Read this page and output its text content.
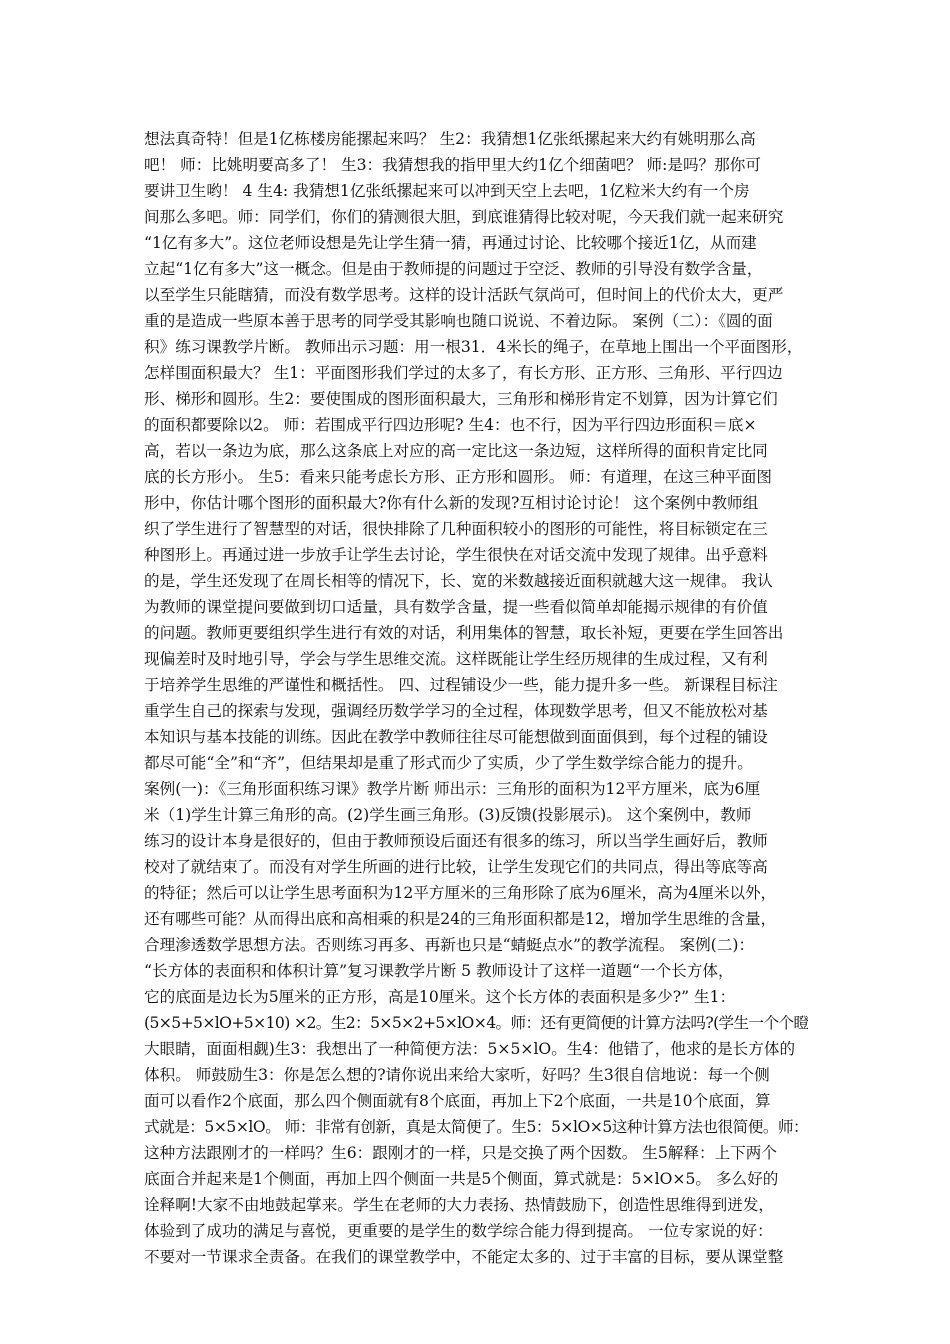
想法真奇特！但是1亿栋楼房能摞起来吗？ 生2：我猜想1亿张纸摞起来大约有姚明那么高
吧！ 师：比姚明要高多了！ 生3：我猜想我的指甲里大约1亿个细菌吧？ 师:是吗？那你可
要讲卫生哟！ 4 生4: 我猜想1亿张纸摞起来可以冲到天空上去吧，1亿粒米大约有一个房
间那么多吧。师：同学们，你们的猜测很大胆，到底谁猜得比较对呢，今天我们就一起来研究
“1亿有多大”。这位老师设想是先让学生猜一猜，再通过讨论、比较哪个接近1亿，从而建
立起“1亿有多大”这一概念。但是由于教师提的问题过于空泛、教师的引导没有数学含量，
以至学生只能瞎猜，而没有数学思考。这样的设计活跃气氛尚可，但时间上的代价太大，更严
重的是造成一些原本善于思考的同学受其影响也随口说说、不着边际。 案例（二）：《圆的面
积》练习课教学片断。 教师出示习题：用一根31．4米长的绳子，在草地上围出一个平面图形，
怎样围面积最大？ 生1：平面图形我们学过的太多了，有长方形、正方形、三角形、平行四边
形、梯形和圆形。生2：要使围成的图形面积最大，三角形和梯形肯定不划算，因为计算它们
的面积都要除以2。 师：若围成平行四边形呢? 生4：也不行，因为平行四边形面积＝底×
高，若以一条边为底，那么这条底上对应的高一定比这一条边短，这样所得的面积肯定比同
底的长方形小。 生5：看来只能考虑长方形、正方形和圆形。 师：有道理，在这三种平面图
形中，你估计哪个图形的面积最大?你有什么新的发现?互相讨论讨论！ 这个案例中教师组
织了学生进行了智慧型的对话，很快排除了几种面积较小的图形的可能性，将目标锁定在三
种图形上。再通过进一步放手让学生去讨论，学生很快在对话交流中发现了规律。出乎意料
的是，学生还发现了在周长相等的情况下，长、宽的米数越接近面积就越大这一规律。 我认
为教师的课堂提问要做到切口适量，具有数学含量，提一些看似简单却能揭示规律的有价值
的问题。教师更要组织学生进行有效的对话，利用集体的智慧，取长补短，更要在学生回答出
现偏差时及时地引导，学会与学生思维交流。这样既能让学生经历规律的生成过程，又有利
于培养学生思维的严谨性和概括性。 四、过程铺设少一些，能力提升多一些。 新课程目标注
重学生自己的探索与发现，强调经历数学学习的全过程，体现数学思考，但又不能放松对基
本知识与基本技能的训练。因此在教学中教师往往尽可能想做到面面俱到，每个过程的铺设
都尽可能“全”和“齐”，但结果却是重了形式而少了实质，少了学生数学综合能力的提升。
案例(一)：《三角形面积练习课》教学片断 师出示：三角形的面积为12平方厘米，底为6厘
米（1)学生计算三角形的高。(2)学生画三角形。(3)反馈(投影展示)。 这个案例中，教师
练习的设计本身是很好的，但由于教师预设后面还有很多的练习，所以当学生画好后，教师
校对了就结束了。而没有对学生所画的进行比较，让学生发现它们的共同点，得出等底等高
的特征；然后可以让学生思考面积为12平方厘米的三角形除了底为6厘米，高为4厘米以外，
还有哪些可能？从而得出底和高相乘的积是24的三角形面积都是12，增加学生思维的含量，
合理渗透数学思想方法。否则练习再多、再新也只是“蜻蜓点水”的教学流程。 案例(二)：
“长方体的表面积和体积计算”复习课教学片断 5 教师设计了这样一道题“一个长方体，
它的底面是边长为5厘米的正方形，高是10厘米。这个长方体的表面积是多少?” 生1：
(5×5+5×lO+5×10) ×2。生2：5×5×2+5×lO×4。师：还有更简便的计算方法吗?(学生一个个瞪
大眼睛，面面相觑)生3：我想出了一种简便方法：5×5×lO。生4：他错了，他求的是长方体的
体积。 师鼓励生3：你是怎么想的?请你说出来给大家听，好吗？生3很自信地说：每一个侧
面可以看作2个底面，那么四个侧面就有8个底面，再加上下2个底面，一共是10个底面，算
式就是：5×5×lO。 师：非常有创新，真是太简便了。生5：5×lO×5这种计算方法也很简便。师：
这种方法跟刚才的一样吗？生6：跟刚才的一样，只是交换了两个因数。 生5解释：上下两个
底面合并起来是1个侧面，再加上四个侧面一共是5个侧面，算式就是：5×lO×5。 多么好的
诠释啊!大家不由地鼓起掌来。学生在老师的大力表扬、热情鼓励下，创造性思维得到迸发，
体验到了成功的满足与喜悦，更重要的是学生的数学综合能力得到提高。 一位专家说的好：
不要对一节课求全责备。在我们的课堂教学中，不能定太多的、过于丰富的目标，要从课堂整
